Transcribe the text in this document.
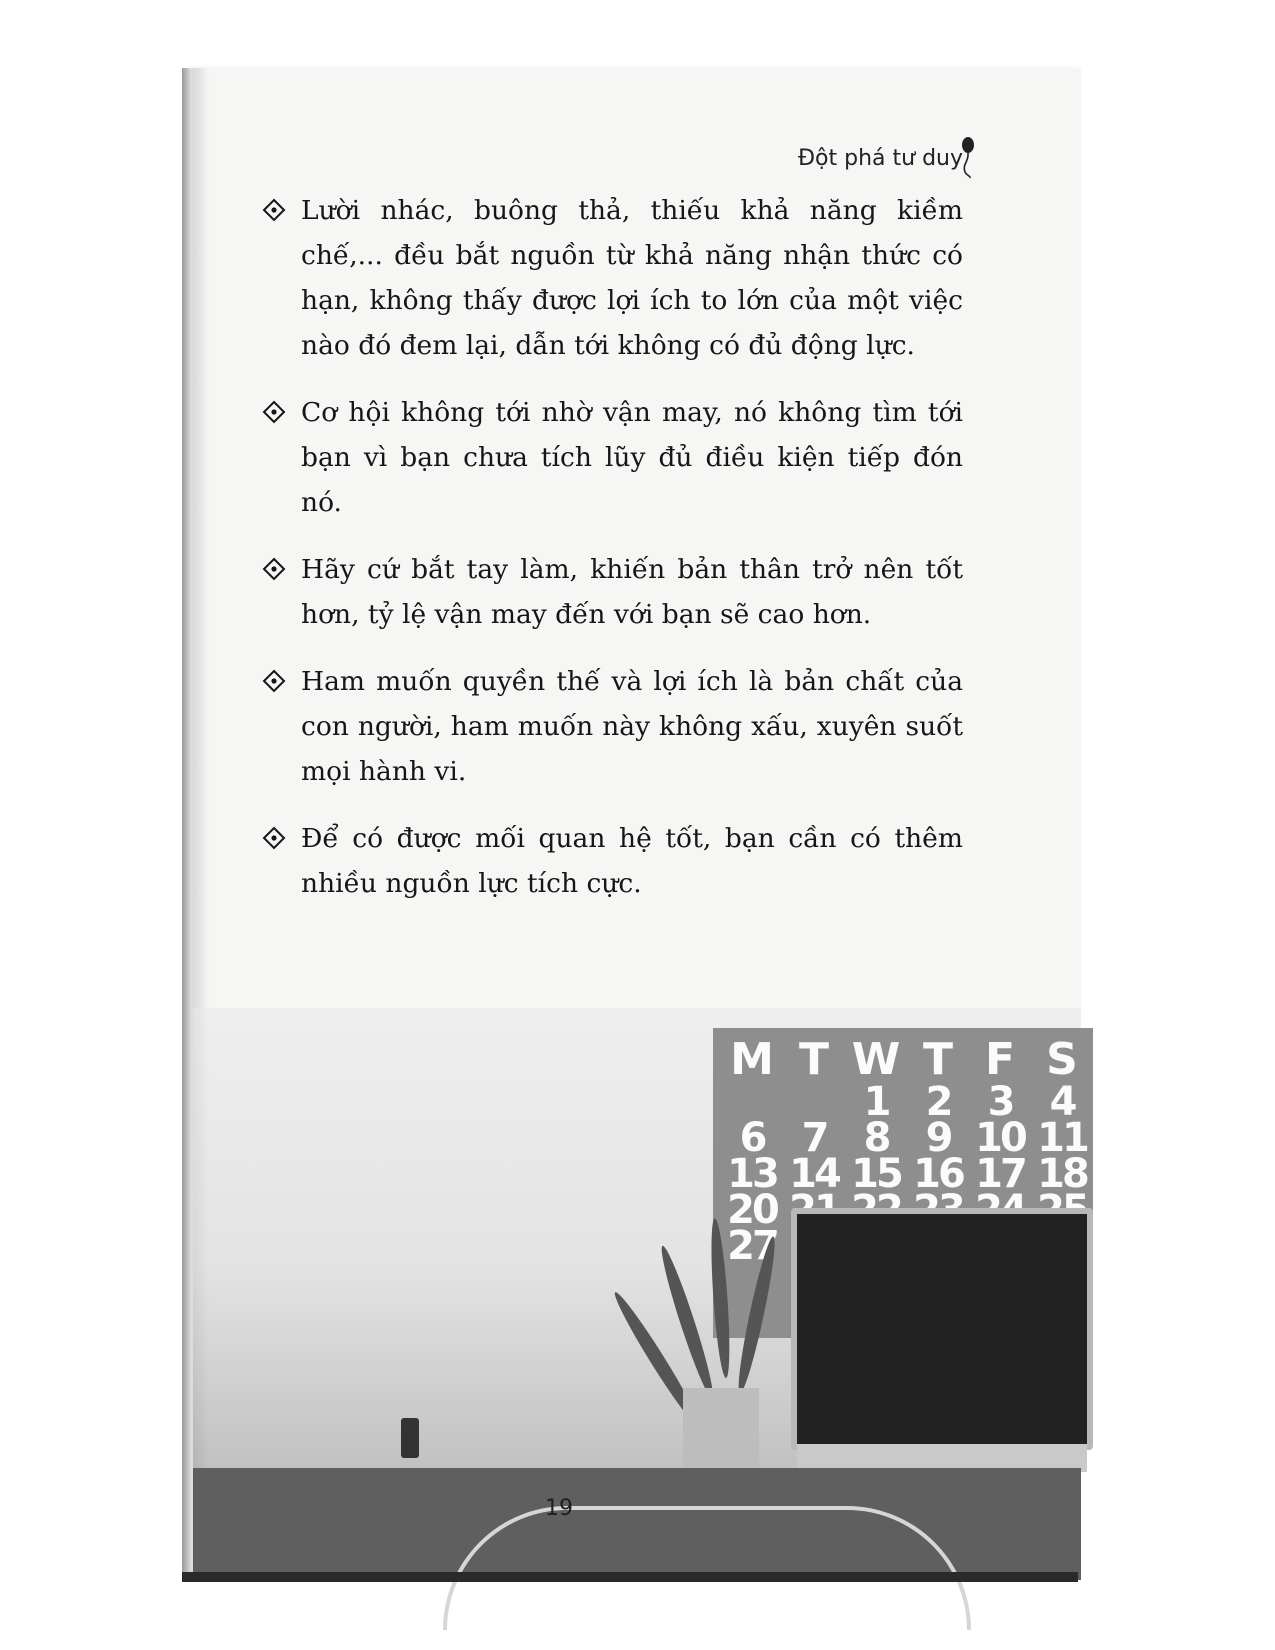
M T W T F S
1 2 3 4
6 7 8 9 10 11
13 14 15 16 17 18
20
27
Đột phá tư duy
Lười nhác, buông thả, thiếu khả năng kiềm chế,... đều bắt nguồn từ khả năng nhận thức có hạn, không thấy được lợi ích to lớn của một việc nào đó đem lại, dẫn tới không có đủ động lực.
Cơ hội không tới nhờ vận may, nó không tìm tới bạn vì bạn chưa tích lũy đủ điều kiện tiếp đón nó.
Hãy cứ bắt tay làm, khiến bản thân trở nên tốt hơn, tỷ lệ vận may đến với bạn sẽ cao hơn.
Ham muốn quyền thế và lợi ích là bản chất của con người, ham muốn này không xấu, xuyên suốt mọi hành vi.
Để có được mối quan hệ tốt, bạn cần có thêm nhiều nguồn lực tích cực.
19
